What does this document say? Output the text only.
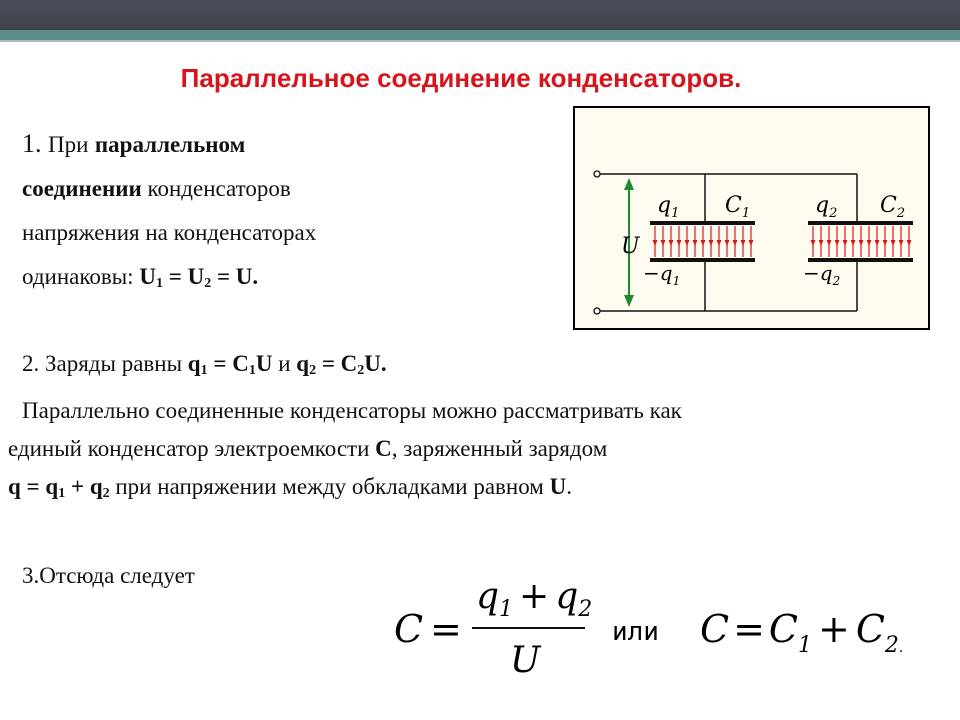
Параллельное соединение конденсаторов.
1. При параллельном
соединении конденсаторов
напряжения на конденсаторах
одинаковы: $U_1 = U_2 = U$.
2. Заряды равны $q_1 = C_1U$ и $q_2 = C_2U$.
Параллельно соединенные конденсаторы можно рассматривать как
единый конденсатор электроемкости C, заряженный зарядом
$q = q_1 + q_2$ при напряжении между обкладками равном U.
3.Отсюда следует
$q_1$ $C_1$	$q_2$ $C_2$
U
$-q_1$	$-q_2$
C =
$q_1 + q_2$
U
или $C = C_1 + C_2$.
